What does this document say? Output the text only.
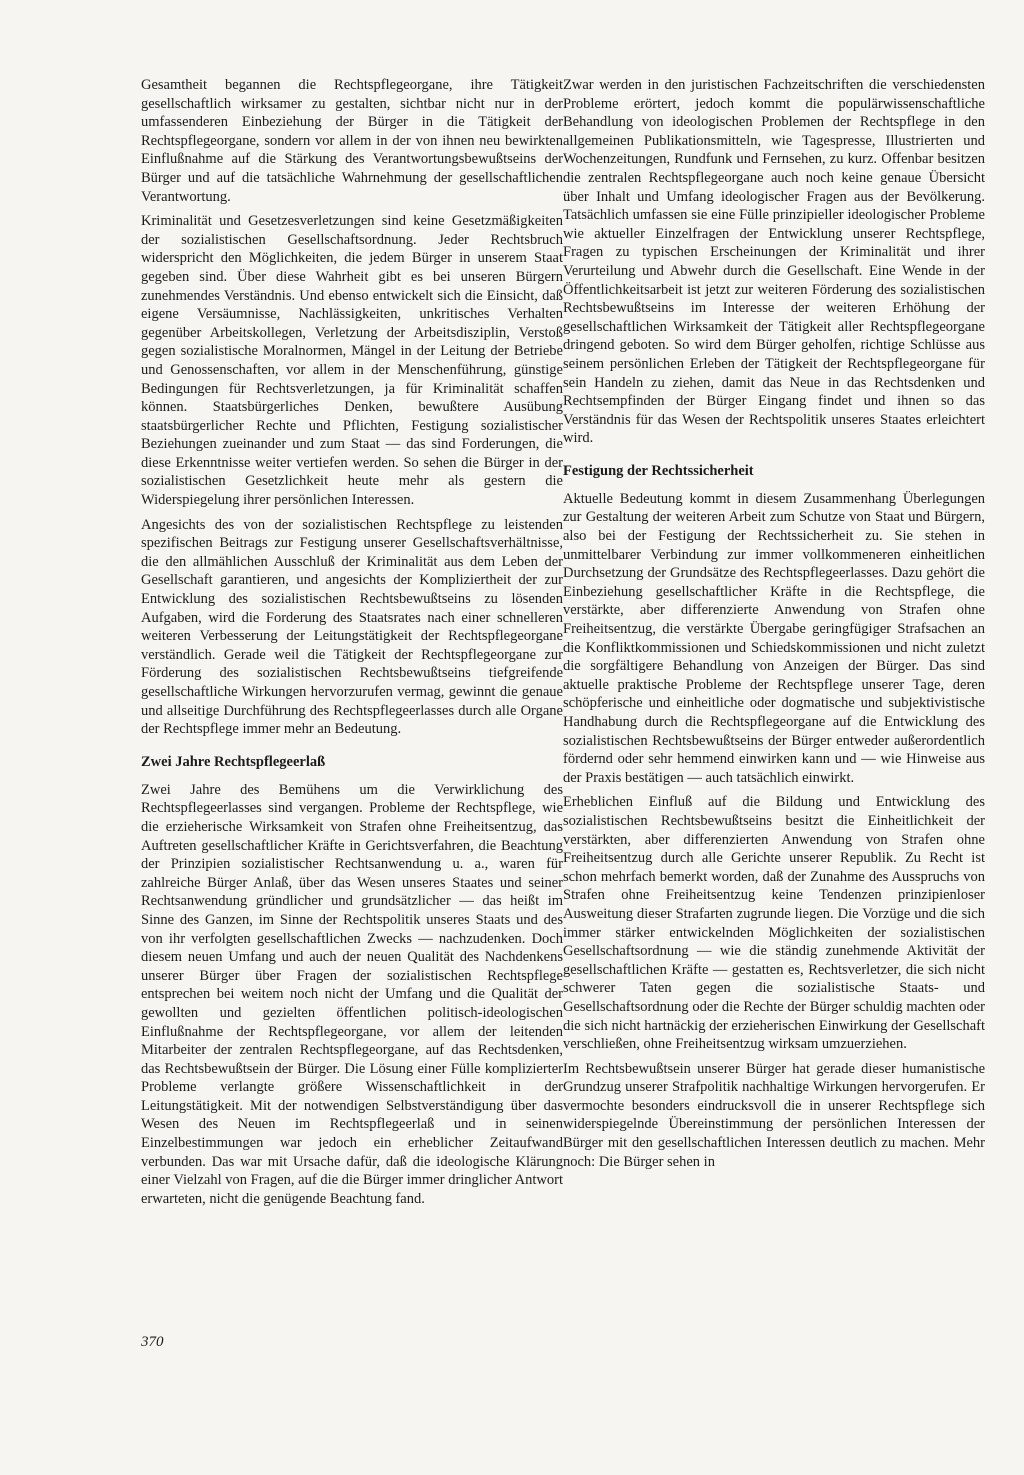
Gesamtheit begannen die Rechtspflegeorgane, ihre Tätigkeit gesellschaftlich wirksamer zu gestalten, sichtbar nicht nur in der umfassenderen Einbeziehung der Bürger in die Tätigkeit der Rechtspflegeorgane, sondern vor allem in der von ihnen neu bewirkten Einflußnahme auf die Stärkung des Verantwortungsbewußtseins der Bürger und auf die tatsächliche Wahrnehmung der gesellschaftlichen Verantwortung.

Kriminalität und Gesetzesverletzungen sind keine Gesetzmäßigkeiten der sozialistischen Gesellschaftsordnung. Jeder Rechtsbruch widerspricht den Möglichkeiten, die jedem Bürger in unserem Staat gegeben sind. Über diese Wahrheit gibt es bei unseren Bürgern zunehmendes Verständnis. Und ebenso entwickelt sich die Einsicht, daß eigene Versäumnisse, Nachlässigkeiten, unkritisches Verhalten gegenüber Arbeitskollegen, Verletzung der Arbeitsdisziplin, Verstoß gegen sozialistische Moralnormen, Mängel in der Leitung der Betriebe und Genossenschaften, vor allem in der Menschenführung, günstige Bedingungen für Rechtsverletzungen, ja für Kriminalität schaffen können. Staatsbürgerliches Denken, bewußtere Ausübung staatsbürgerlicher Rechte und Pflichten, Festigung sozialistischer Beziehungen zueinander und zum Staat — das sind Forderungen, die diese Erkenntnisse weiter vertiefen werden. So sehen die Bürger in der sozialistischen Gesetzlichkeit heute mehr als gestern die Widerspiegelung ihrer persönlichen Interessen.

Angesichts des von der sozialistischen Rechtspflege zu leistenden spezifischen Beitrags zur Festigung unserer Gesellschaftsverhältnisse, die den allmählichen Ausschluß der Kriminalität aus dem Leben der Gesellschaft garantieren, und angesichts der Kompliziertheit der zur Entwicklung des sozialistischen Rechtsbewußtseins zu lösenden Aufgaben, wird die Forderung des Staatsrates nach einer schnelleren weiteren Verbesserung der Leitungstätigkeit der Rechtspflegeorgane verständlich. Gerade weil die Tätigkeit der Rechtspflegeorgane zur Förderung des sozialistischen Rechtsbewußtseins tiefgreifende gesellschaftliche Wirkungen hervorzurufen vermag, gewinnt die genaue und allseitige Durchführung des Rechtspflegeerlasses durch alle Organe der Rechtspflege immer mehr an Bedeutung.

Zwei Jahre Rechtspflegeerlaß

Zwei Jahre des Bemühens um die Verwirklichung des Rechtspflegeerlasses sind vergangen. Probleme der Rechtspflege, wie die erzieherische Wirksamkeit von Strafen ohne Freiheitsentzug, das Auftreten gesellschaftlicher Kräfte in Gerichtsverfahren, die Beachtung der Prinzipien sozialistischer Rechtsanwendung u. a., waren für zahlreiche Bürger Anlaß, über das Wesen unseres Staates und seiner Rechtsanwendung gründlicher und grundsätzlicher — das heißt im Sinne des Ganzen, im Sinne der Rechtspolitik unseres Staats und des von ihr verfolgten gesellschaftlichen Zwecks — nachzudenken. Doch diesem neuen Umfang und auch der neuen Qualität des Nachdenkens unserer Bürger über Fragen der sozialistischen Rechtspflege entsprechen bei weitem noch nicht der Umfang und die Qualität der gewollten und gezielten öffentlichen politisch-ideologischen Einflußnahme der Rechtspflegeorgane, vor allem der leitenden Mitarbeiter der zentralen Rechtspflegeorgane, auf das Rechtsdenken, das Rechtsbewußtsein der Bürger. Die Lösung einer Fülle komplizierter Probleme verlangte größere Wissenschaftlichkeit in der Leitungstätigkeit. Mit der notwendigen Selbstverständigung über das Wesen des Neuen im Rechtspflegeerlaß und in seinen Einzelbestimmungen war jedoch ein erheblicher Zeitaufwand verbunden. Das war mit Ursache dafür, daß die ideologische Klärung einer Vielzahl von Fragen, auf die die Bürger immer dringlicher Antwort erwarteten, nicht die genügende Beachtung fand.

Zwar werden in den juristischen Fachzeitschriften die verschiedensten Probleme erörtert, jedoch kommt die populärwissenschaftliche Behandlung von ideologischen Problemen der Rechtspflege in den allgemeinen Publikationsmitteln, wie Tagespresse, Illustrierten und Wochenzeitungen, Rundfunk und Fernsehen, zu kurz. Offenbar besitzen die zentralen Rechtspflegeorgane auch noch keine genaue Übersicht über Inhalt und Umfang ideologischer Fragen aus der Bevölkerung. Tatsächlich umfassen sie eine Fülle prinzipieller ideologischer Probleme wie aktueller Einzelfragen der Entwicklung unserer Rechtspflege, Fragen zu typischen Erscheinungen der Kriminalität und ihrer Verurteilung und Abwehr durch die Gesellschaft. Eine Wende in der Öffentlichkeitsarbeit ist jetzt zur weiteren Förderung des sozialistischen Rechtsbewußtseins im Interesse der weiteren Erhöhung der gesellschaftlichen Wirksamkeit der Tätigkeit aller Rechtspflegeorgane dringend geboten. So wird dem Bürger geholfen, richtige Schlüsse aus seinem persönlichen Erleben der Tätigkeit der Rechtspflegeorgane für sein Handeln zu ziehen, damit das Neue in das Rechtsdenken und Rechtsempfinden der Bürger Eingang findet und ihnen so das Verständnis für das Wesen der Rechtspolitik unseres Staates erleichtert wird.

Festigung der Rechtssicherheit

Aktuelle Bedeutung kommt in diesem Zusammenhang Überlegungen zur Gestaltung der weiteren Arbeit zum Schutze von Staat und Bürgern, also bei der Festigung der Rechtssicherheit zu. Sie stehen in unmittelbarer Verbindung zur immer vollkommeneren einheitlichen Durchsetzung der Grundsätze des Rechtspflegeerlasses. Dazu gehört die Einbeziehung gesellschaftlicher Kräfte in die Rechtspflege, die verstärkte, aber differenzierte Anwendung von Strafen ohne Freiheitsentzug, die verstärkte Übergabe geringfügiger Strafsachen an die Konfliktkommissionen und Schiedskommissionen und nicht zuletzt die sorgfältigere Behandlung von Anzeigen der Bürger. Das sind aktuelle praktische Probleme der Rechtspflege unserer Tage, deren schöpferische und einheitliche oder dogmatische und subjektivistische Handhabung durch die Rechtspflegeorgane auf die Entwicklung des sozialistischen Rechtsbewußtseins der Bürger entweder außerordentlich fördernd oder sehr hemmend einwirken kann und — wie Hinweise aus der Praxis bestätigen — auch tatsächlich einwirkt.

Erheblichen Einfluß auf die Bildung und Entwicklung des sozialistischen Rechtsbewußtseins besitzt die Einheitlichkeit der verstärkten, aber differenzierten Anwendung von Strafen ohne Freiheitsentzug durch alle Gerichte unserer Republik. Zu Recht ist schon mehrfach bemerkt worden, daß der Zunahme des Ausspruchs von Strafen ohne Freiheitsentzug keine Tendenzen prinzipienloser Ausweitung dieser Strafarten zugrunde liegen. Die Vorzüge und die sich immer stärker entwickelnden Möglichkeiten der sozialistischen Gesellschaftsordnung — wie die ständig zunehmende Aktivität der gesellschaftlichen Kräfte — gestatten es, Rechtsverletzer, die sich nicht schwerer Taten gegen die sozialistische Staats- und Gesellschaftsordnung oder die Rechte der Bürger schuldig machten oder die sich nicht hartnäckig der erzieherischen Einwirkung der Gesellschaft verschließen, ohne Freiheitsentzug wirksam umzuerziehen.

Im Rechtsbewußtsein unserer Bürger hat gerade dieser humanistische Grundzug unserer Strafpolitik nachhaltige Wirkungen hervorgerufen. Er vermochte besonders eindrucksvoll die in unserer Rechtspflege sich widerspiegelnde Übereinstimmung der persönlichen Interessen der Bürger mit den gesellschaftlichen Interessen deutlich zu machen. Mehr noch: Die Bürger sehen in

370
